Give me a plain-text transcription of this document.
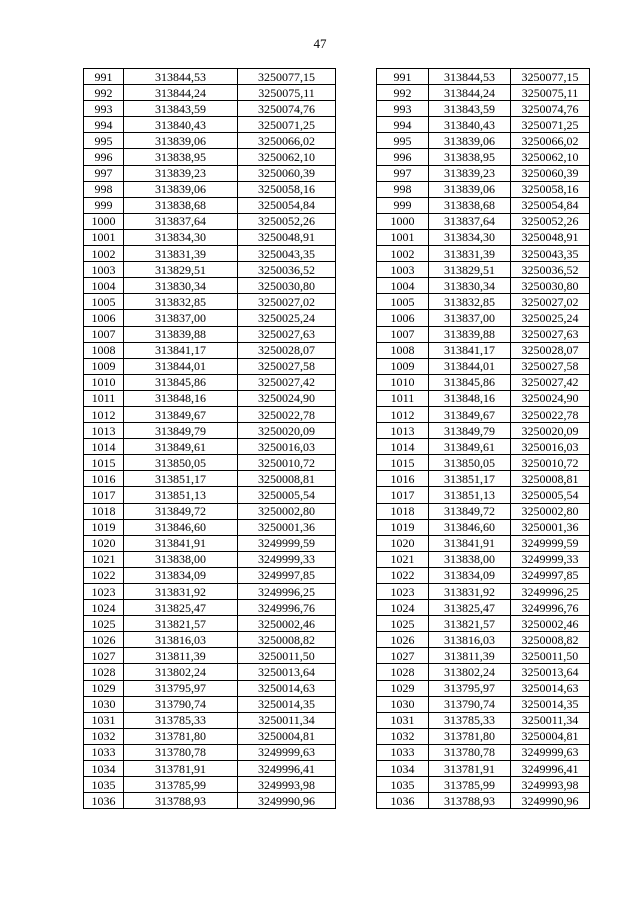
47
991	313844,53	3250077,15
992	313844,24	3250075,11
993	313843,59	3250074,76
994	313840,43	3250071,25
995	313839,06	3250066,02
996	313838,95	3250062,10
997	313839,23	3250060,39
998	313839,06	3250058,16
999	313838,68	3250054,84
1000	313837,64	3250052,26
1001	313834,30	3250048,91
1002	313831,39	3250043,35
1003	313829,51	3250036,52
1004	313830,34	3250030,80
1005	313832,85	3250027,02
1006	313837,00	3250025,24
1007	313839,88	3250027,63
1008	313841,17	3250028,07
1009	313844,01	3250027,58
1010	313845,86	3250027,42
1011	313848,16	3250024,90
1012	313849,67	3250022,78
1013	313849,79	3250020,09
1014	313849,61	3250016,03
1015	313850,05	3250010,72
1016	313851,17	3250008,81
1017	313851,13	3250005,54
1018	313849,72	3250002,80
1019	313846,60	3250001,36
1020	313841,91	3249999,59
1021	313838,00	3249999,33
1022	313834,09	3249997,85
1023	313831,92	3249996,25
1024	313825,47	3249996,76
1025	313821,57	3250002,46
1026	313816,03	3250008,82
1027	313811,39	3250011,50
1028	313802,24	3250013,64
1029	313795,97	3250014,63
1030	313790,74	3250014,35
1031	313785,33	3250011,34
1032	313781,80	3250004,81
1033	313780,78	3249999,63
1034	313781,91	3249996,41
1035	313785,99	3249993,98
1036	313788,93	3249990,96
991	313844,53	3250077,15
992	313844,24	3250075,11
993	313843,59	3250074,76
994	313840,43	3250071,25
995	313839,06	3250066,02
996	313838,95	3250062,10
997	313839,23	3250060,39
998	313839,06	3250058,16
999	313838,68	3250054,84
1000	313837,64	3250052,26
1001	313834,30	3250048,91
1002	313831,39	3250043,35
1003	313829,51	3250036,52
1004	313830,34	3250030,80
1005	313832,85	3250027,02
1006	313837,00	3250025,24
1007	313839,88	3250027,63
1008	313841,17	3250028,07
1009	313844,01	3250027,58
1010	313845,86	3250027,42
1011	313848,16	3250024,90
1012	313849,67	3250022,78
1013	313849,79	3250020,09
1014	313849,61	3250016,03
1015	313850,05	3250010,72
1016	313851,17	3250008,81
1017	313851,13	3250005,54
1018	313849,72	3250002,80
1019	313846,60	3250001,36
1020	313841,91	3249999,59
1021	313838,00	3249999,33
1022	313834,09	3249997,85
1023	313831,92	3249996,25
1024	313825,47	3249996,76
1025	313821,57	3250002,46
1026	313816,03	3250008,82
1027	313811,39	3250011,50
1028	313802,24	3250013,64
1029	313795,97	3250014,63
1030	313790,74	3250014,35
1031	313785,33	3250011,34
1032	313781,80	3250004,81
1033	313780,78	3249999,63
1034	313781,91	3249996,41
1035	313785,99	3249993,98
1036	313788,93	3249990,96
